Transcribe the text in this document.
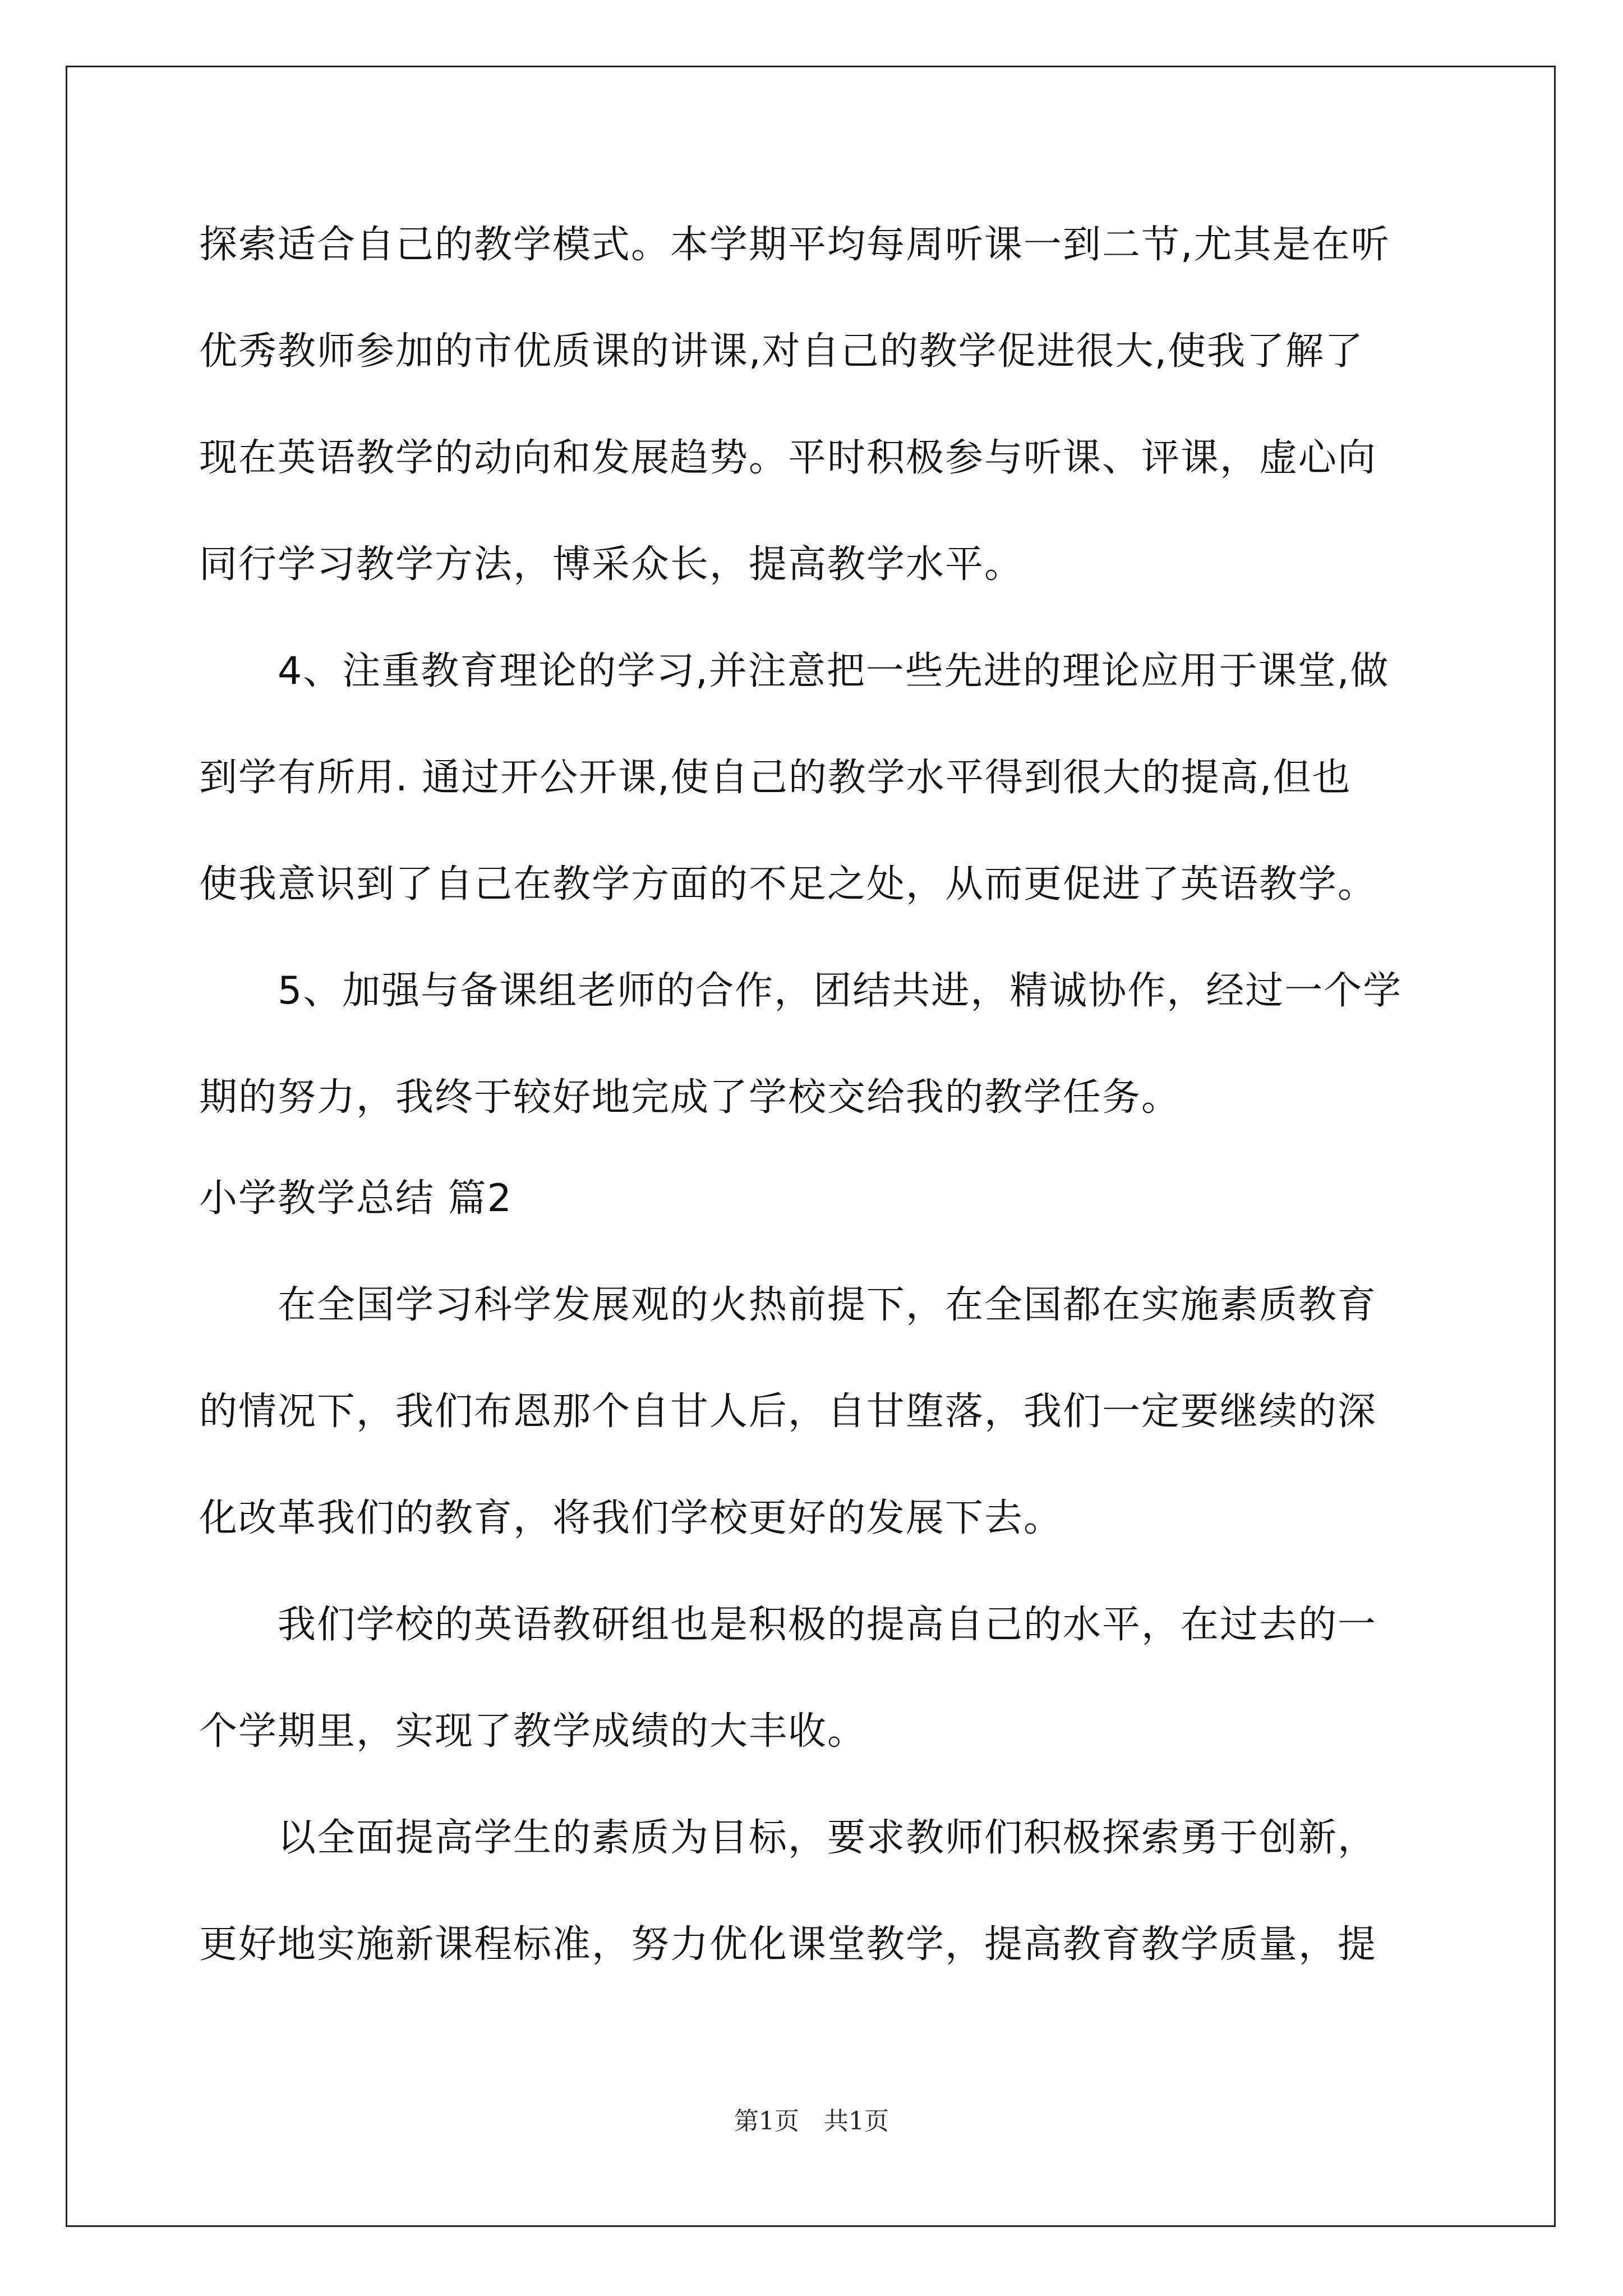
探索适合自己的教学模式。本学期平均每周听课一到二节,尤其是在听
优秀教师参加的市优质课的讲课,对自己的教学促进很大,使我了解了
现在英语教学的动向和发展趋势。平时积极参与听课、评课，虚心向
同行学习教学方法，博采众长，提高教学水平。
4、注重教育理论的学习,并注意把一些先进的理论应用于课堂,做
到学有所用. 通过开公开课,使自己的教学水平得到很大的提高,但也
使我意识到了自己在教学方面的不足之处，从而更促进了英语教学。
5、加强与备课组老师的合作，团结共进，精诚协作，经过一个学
期的努力，我终于较好地完成了学校交给我的教学任务。
小学教学总结 篇2
在全国学习科学发展观的火热前提下，在全国都在实施素质教育
的情况下，我们布恩那个自甘人后，自甘堕落，我们一定要继续的深
化改革我们的教育，将我们学校更好的发展下去。
我们学校的英语教研组也是积极的提高自己的水平，在过去的一
个学期里，实现了教学成绩的大丰收。
以全面提高学生的素质为目标，要求教师们积极探索勇于创新，
更好地实施新课程标准，努力优化课堂教学，提高教育教学质量，提
第1页　共1页
